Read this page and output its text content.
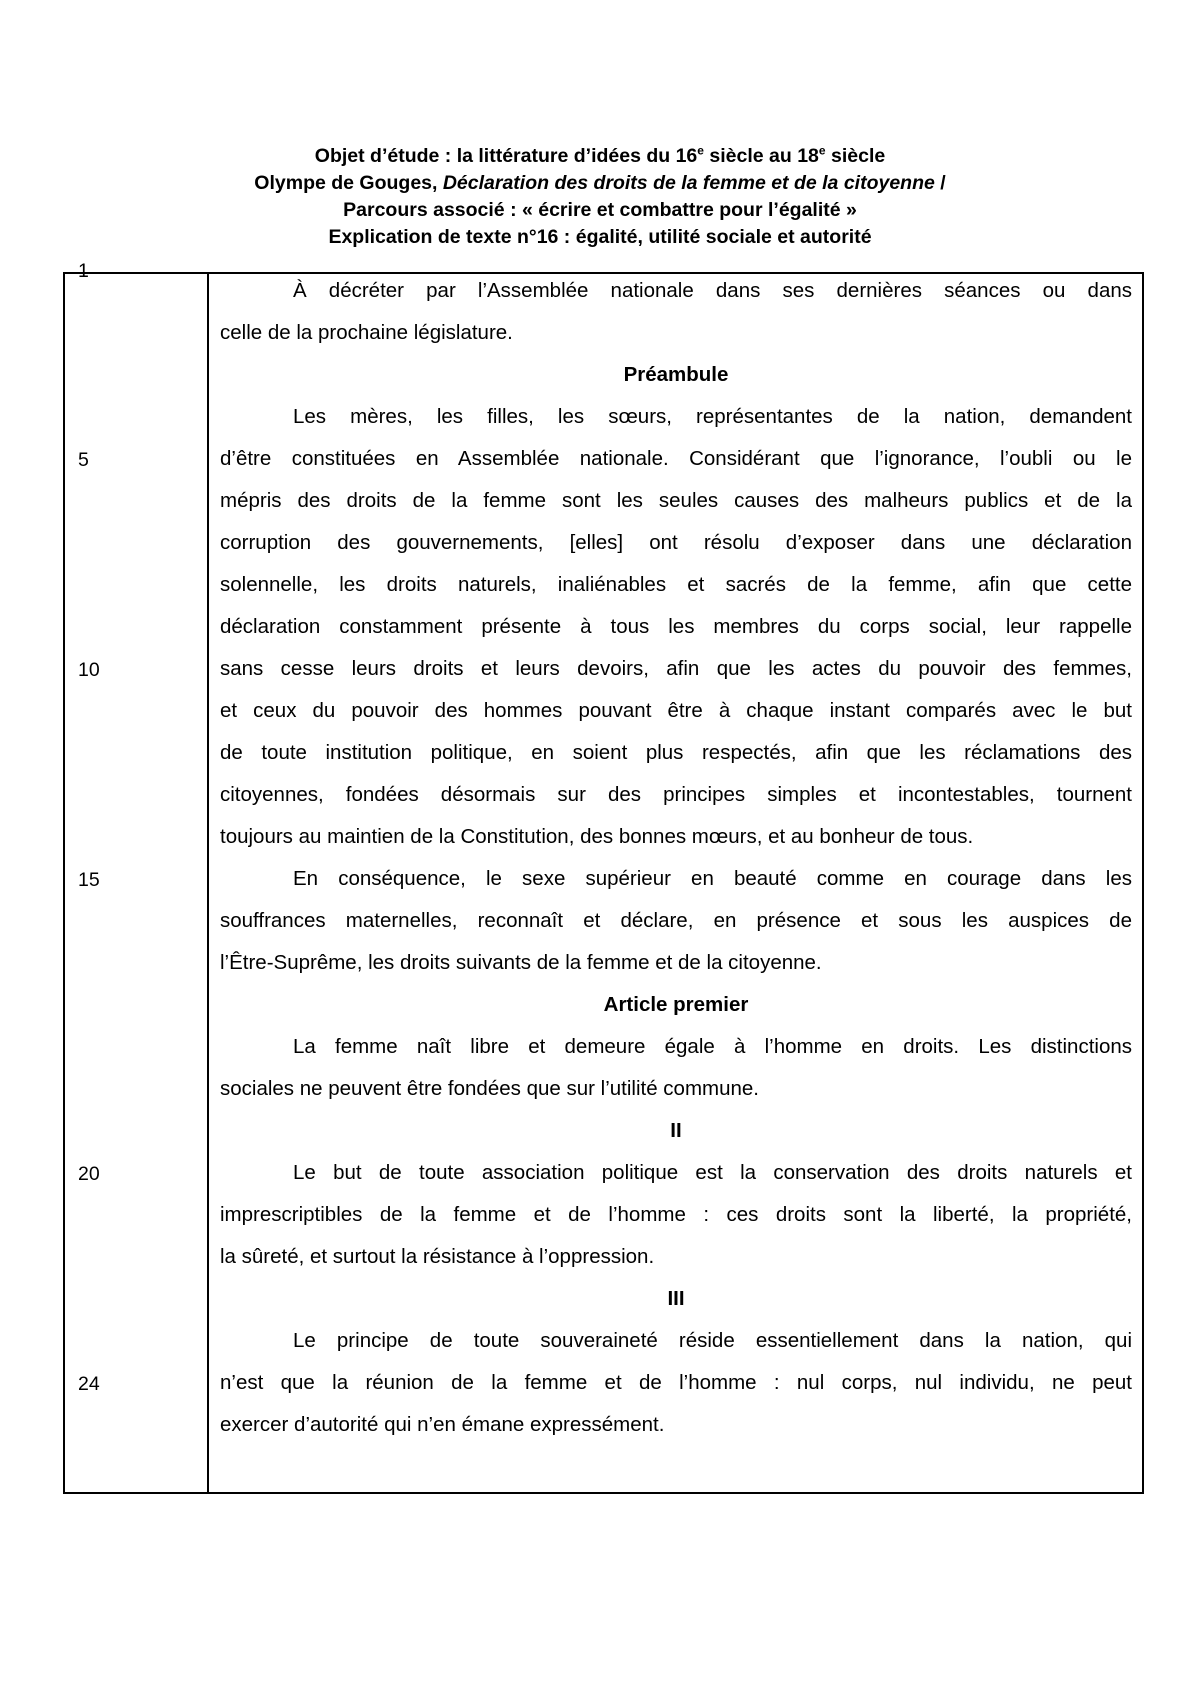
Objet d’étude : la littérature d’idées du 16e siècle au 18e siècle
Olympe de Gouges, Déclaration des droits de la femme et de la citoyenne /
Parcours associé : « écrire et combattre pour l’égalité »
Explication de texte n°16 : égalité, utilité sociale et autorité
1
5
10
15
20
24
À décréter par l’Assemblée nationale dans ses dernières séances ou dans
celle de la prochaine législature.
Préambule
Les mères, les filles, les sœurs, représentantes de la nation, demandent
d’être constituées en Assemblée nationale. Considérant que l’ignorance, l’oubli ou le
mépris des droits de la femme sont les seules causes des malheurs publics et de la
corruption des gouvernements, [elles] ont résolu d’exposer dans une déclaration
solennelle, les droits naturels, inaliénables et sacrés de la femme, afin que cette
déclaration constamment présente à tous les membres du corps social, leur rappelle
sans cesse leurs droits et leurs devoirs, afin que les actes du pouvoir des femmes,
et ceux du pouvoir des hommes pouvant être à chaque instant comparés avec le but
de toute institution politique, en soient plus respectés, afin que les réclamations des
citoyennes, fondées désormais sur des principes simples et incontestables, tournent
toujours au maintien de la Constitution, des bonnes mœurs, et au bonheur de tous.
En conséquence, le sexe supérieur en beauté comme en courage dans les
souffrances maternelles, reconnaît et déclare, en présence et sous les auspices de
l’Être-Suprême, les droits suivants de la femme et de la citoyenne.
Article premier
La femme naît libre et demeure égale à l’homme en droits. Les distinctions
sociales ne peuvent être fondées que sur l’utilité commune.
II
Le but de toute association politique est la conservation des droits naturels et
imprescriptibles de la femme et de l’homme : ces droits sont la liberté, la propriété,
la sûreté, et surtout la résistance à l’oppression.
III
Le principe de toute souveraineté réside essentiellement dans la nation, qui
n’est que la réunion de la femme et de l’homme : nul corps, nul individu, ne peut
exercer d’autorité qui n’en émane expressément.
